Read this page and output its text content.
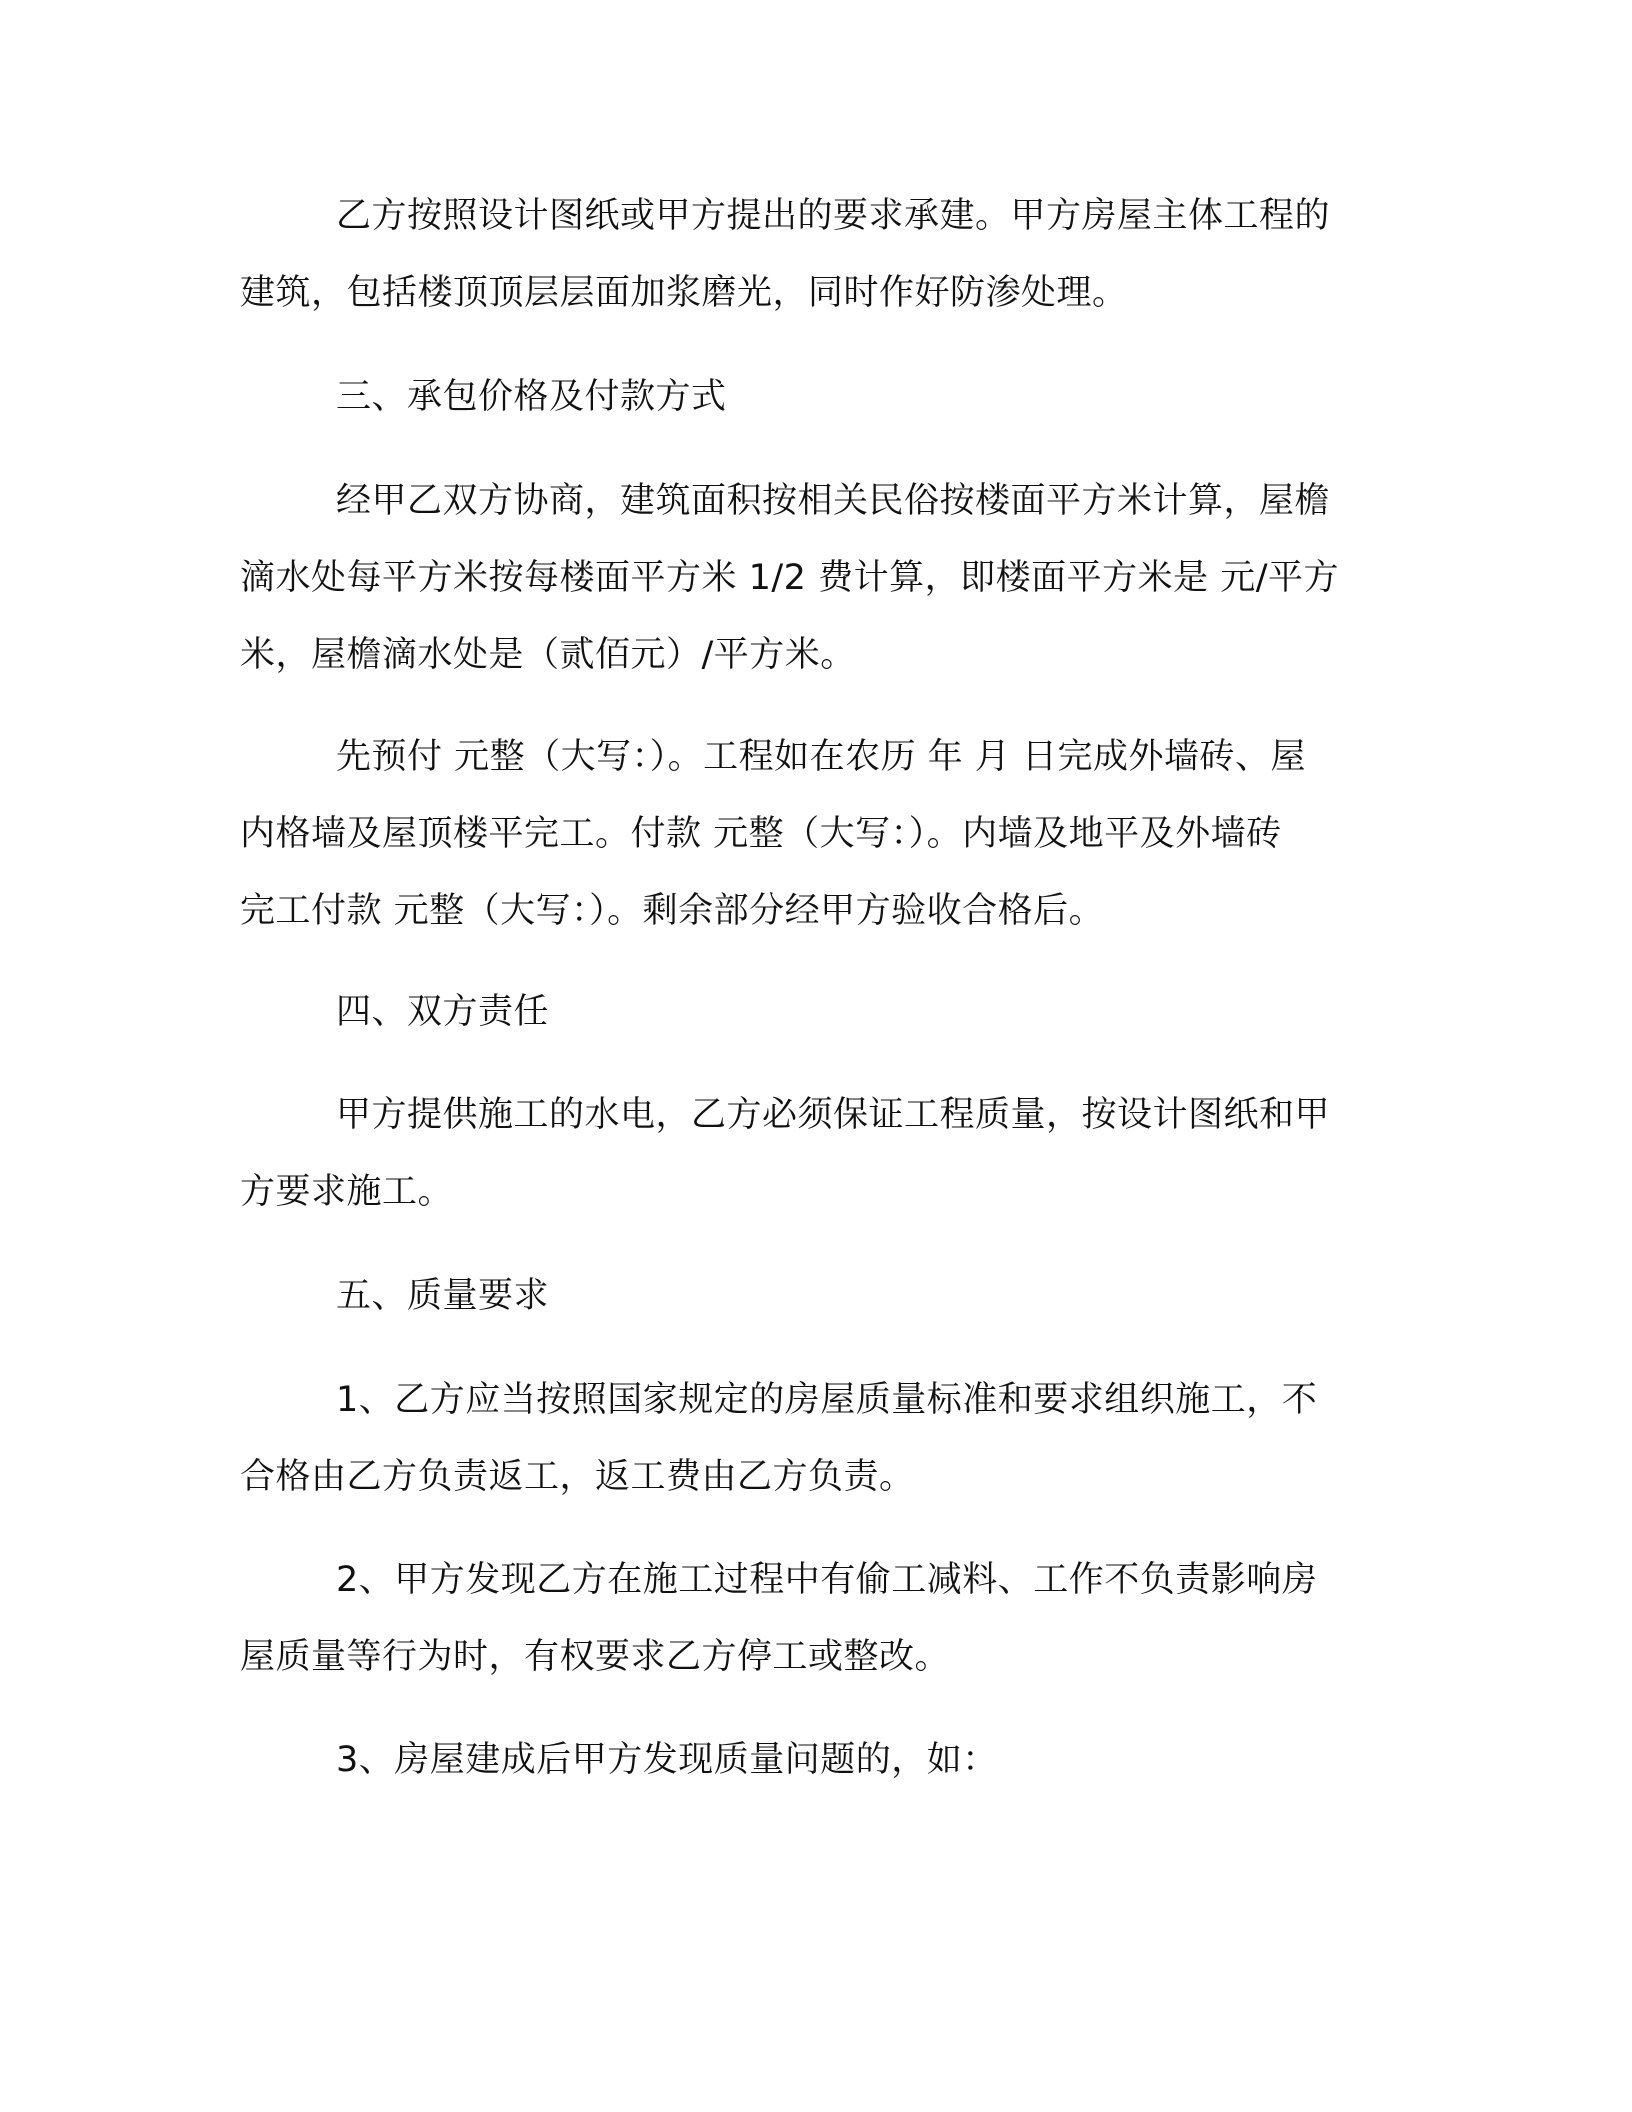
乙方按照设计图纸或甲方提出的要求承建。甲方房屋主体工程的
建筑，包括楼顶顶层层面加浆磨光，同时作好防渗处理。
三、承包价格及付款方式
经甲乙双方协商，建筑面积按相关民俗按楼面平方米计算，屋檐
滴水处每平方米按每楼面平方米 1/2 费计算，即楼面平方米是 元/平方
米，屋檐滴水处是（贰佰元）/平方米。
先预付 元整（大写：）。工程如在农历 年 月 日完成外墙砖、屋
内格墙及屋顶楼平完工。付款 元整（大写：）。内墙及地平及外墙砖
完工付款 元整（大写：）。剩余部分经甲方验收合格后。
四、双方责任
甲方提供施工的水电，乙方必须保证工程质量，按设计图纸和甲
方要求施工。
五、质量要求
1、乙方应当按照国家规定的房屋质量标准和要求组织施工，不
合格由乙方负责返工，返工费由乙方负责。
2、甲方发现乙方在施工过程中有偷工减料、工作不负责影响房
屋质量等行为时，有权要求乙方停工或整改。
3、房屋建成后甲方发现质量问题的，如：
